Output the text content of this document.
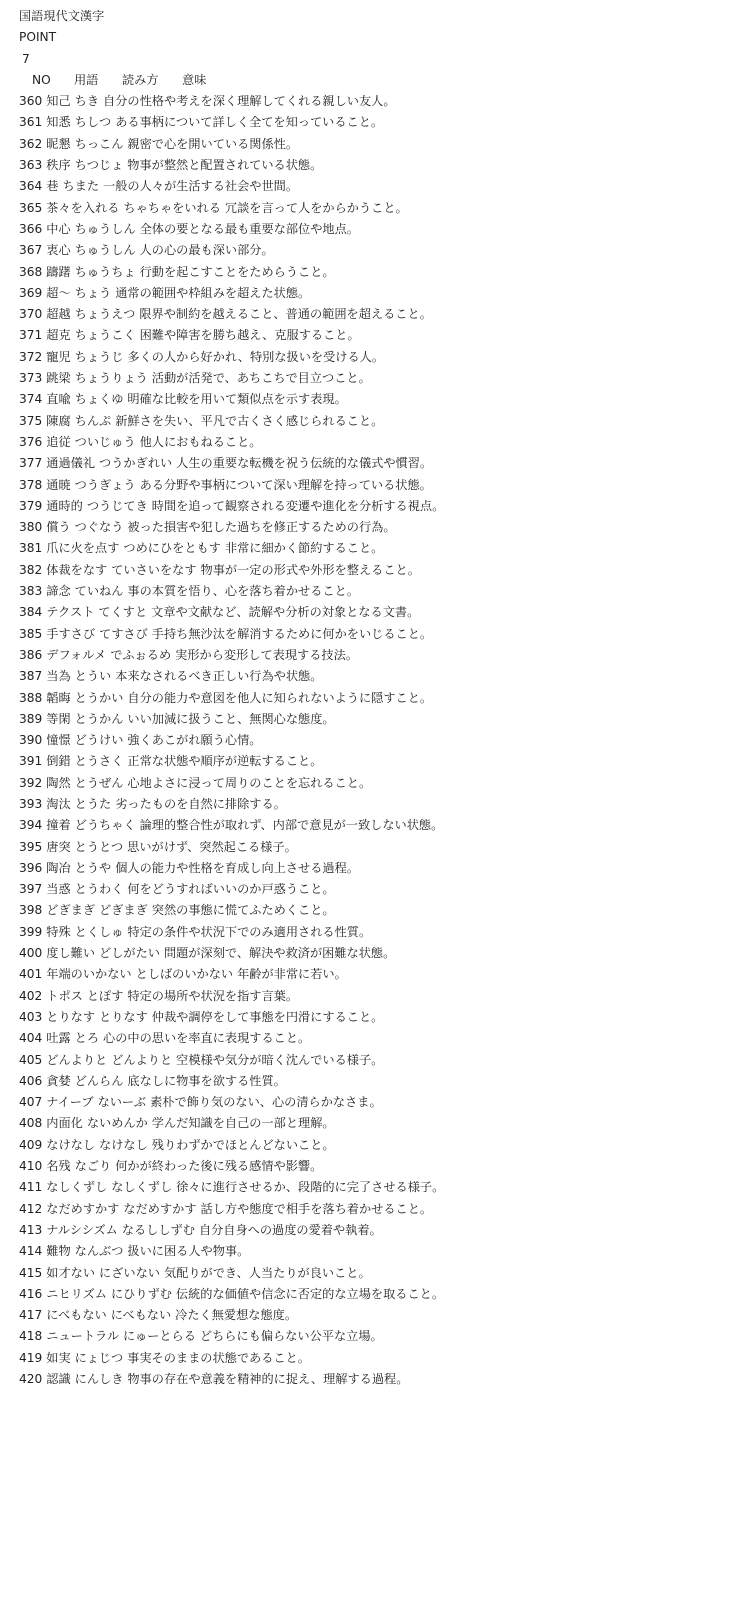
国語現代文漢字
POINT
7
NO	用語	読み方	意味
360 知己 ちき 自分の性格や考えを深く理解してくれる親しい友人。
361 知悉 ちしつ ある事柄について詳しく全てを知っていること。
362 昵懇 ちっこん 親密で心を開いている関係性。
363 秩序 ちつじょ 物事が整然と配置されている状態。
364 巷 ちまた 一般の人々が生活する社会や世間。
365 茶々を入れる ちゃちゃをいれる 冗談を言って人をからかうこと。
366 中心 ちゅうしん 全体の要となる最も重要な部位や地点。
367 衷心 ちゅうしん 人の心の最も深い部分。
368 躊躇 ちゅうちょ 行動を起こすことをためらうこと。
369 超～ ちょう 通常の範囲や枠組みを超えた状態。
370 超越 ちょうえつ 限界や制約を越えること、普通の範囲を超えること。
371 超克 ちょうこく 困難や障害を勝ち越え、克服すること。
372 寵児 ちょうじ 多くの人から好かれ、特別な扱いを受ける人。
373 跳梁 ちょうりょう 活動が活発で、あちこちで目立つこと。
374 直喩 ちょくゆ 明確な比較を用いて類似点を示す表現。
375 陳腐 ちんぷ 新鮮さを失い、平凡で古くさく感じられること。
376 追従 ついじゅう 他人におもねること。
377 通過儀礼 つうかぎれい 人生の重要な転機を祝う伝統的な儀式や慣習。
378 通暁 つうぎょう ある分野や事柄について深い理解を持っている状態。
379 通時的 つうじてき 時間を追って観察される変遷や進化を分析する視点。
380 償う つぐなう 被った損害や犯した過ちを修正するための行為。
381 爪に火を点す つめにひをともす 非常に細かく節約すること。
382 体裁をなす ていさいをなす 物事が一定の形式や外形を整えること。
383 諦念 ていねん 事の本質を悟り、心を落ち着かせること。
384 テクスト てくすと 文章や文献など、読解や分析の対象となる文書。
385 手すさび てすさび 手持ち無沙汰を解消するために何かをいじること。
386 デフォルメ でふぉるめ 実形から変形して表現する技法。
387 当為 とうい 本来なされるべき正しい行為や状態。
388 韜晦 とうかい 自分の能力や意図を他人に知られないように隠すこと。
389 等閑 とうかん いい加減に扱うこと、無関心な態度。
390 憧憬 どうけい 強くあこがれ願う心情。
391 倒錯 とうさく 正常な状態や順序が逆転すること。
392 陶然 とうぜん 心地よさに浸って周りのことを忘れること。
393 淘汰 とうた 劣ったものを自然に排除する。
394 撞着 どうちゃく 論理的整合性が取れず、内部で意見が一致しない状態。
395 唐突 とうとつ 思いがけず、突然起こる様子。
396 陶冶 とうや 個人の能力や性格を育成し向上させる過程。
397 当惑 とうわく 何をどうすればいいのか戸惑うこと。
398 どぎまぎ どぎまぎ 突然の事態に慌てふためくこと。
399 特殊 とくしゅ 特定の条件や状況下でのみ適用される性質。
400 度し難い どしがたい 問題が深刻で、解決や救済が困難な状態。
401 年端のいかない としばのいかない 年齢が非常に若い。
402 トポス とぽす 特定の場所や状況を指す言葉。
403 とりなす とりなす 仲裁や調停をして事態を円滑にすること。
404 吐露 とろ 心の中の思いを率直に表現すること。
405 どんよりと どんよりと 空模様や気分が暗く沈んでいる様子。
406 貪婪 どんらん 底なしに物事を欲する性質。
407 ナイーブ ないーぶ 素朴で飾り気のない、心の清らかなさま。
408 内面化 ないめんか 学んだ知識を自己の一部と理解。
409 なけなし なけなし 残りわずかでほとんどないこと。
410 名残 なごり 何かが終わった後に残る感情や影響。
411 なしくずし なしくずし 徐々に進行させるか、段階的に完了させる様子。
412 なだめすかす なだめすかす 話し方や態度で相手を落ち着かせること。
413 ナルシシズム なるししずむ 自分自身への過度の愛着や執着。
414 難物 なんぶつ 扱いに困る人や物事。
415 如才ない にざいない 気配りができ、人当たりが良いこと。
416 ニヒリズム にひりずむ 伝統的な価値や信念に否定的な立場を取ること。
417 にべもない にべもない 冷たく無愛想な態度。
418 ニュートラル にゅーとらる どちらにも偏らない公平な立場。
419 如実 にょじつ 事実そのままの状態であること。
420 認識 にんしき 物事の存在や意義を精神的に捉え、理解する過程。
